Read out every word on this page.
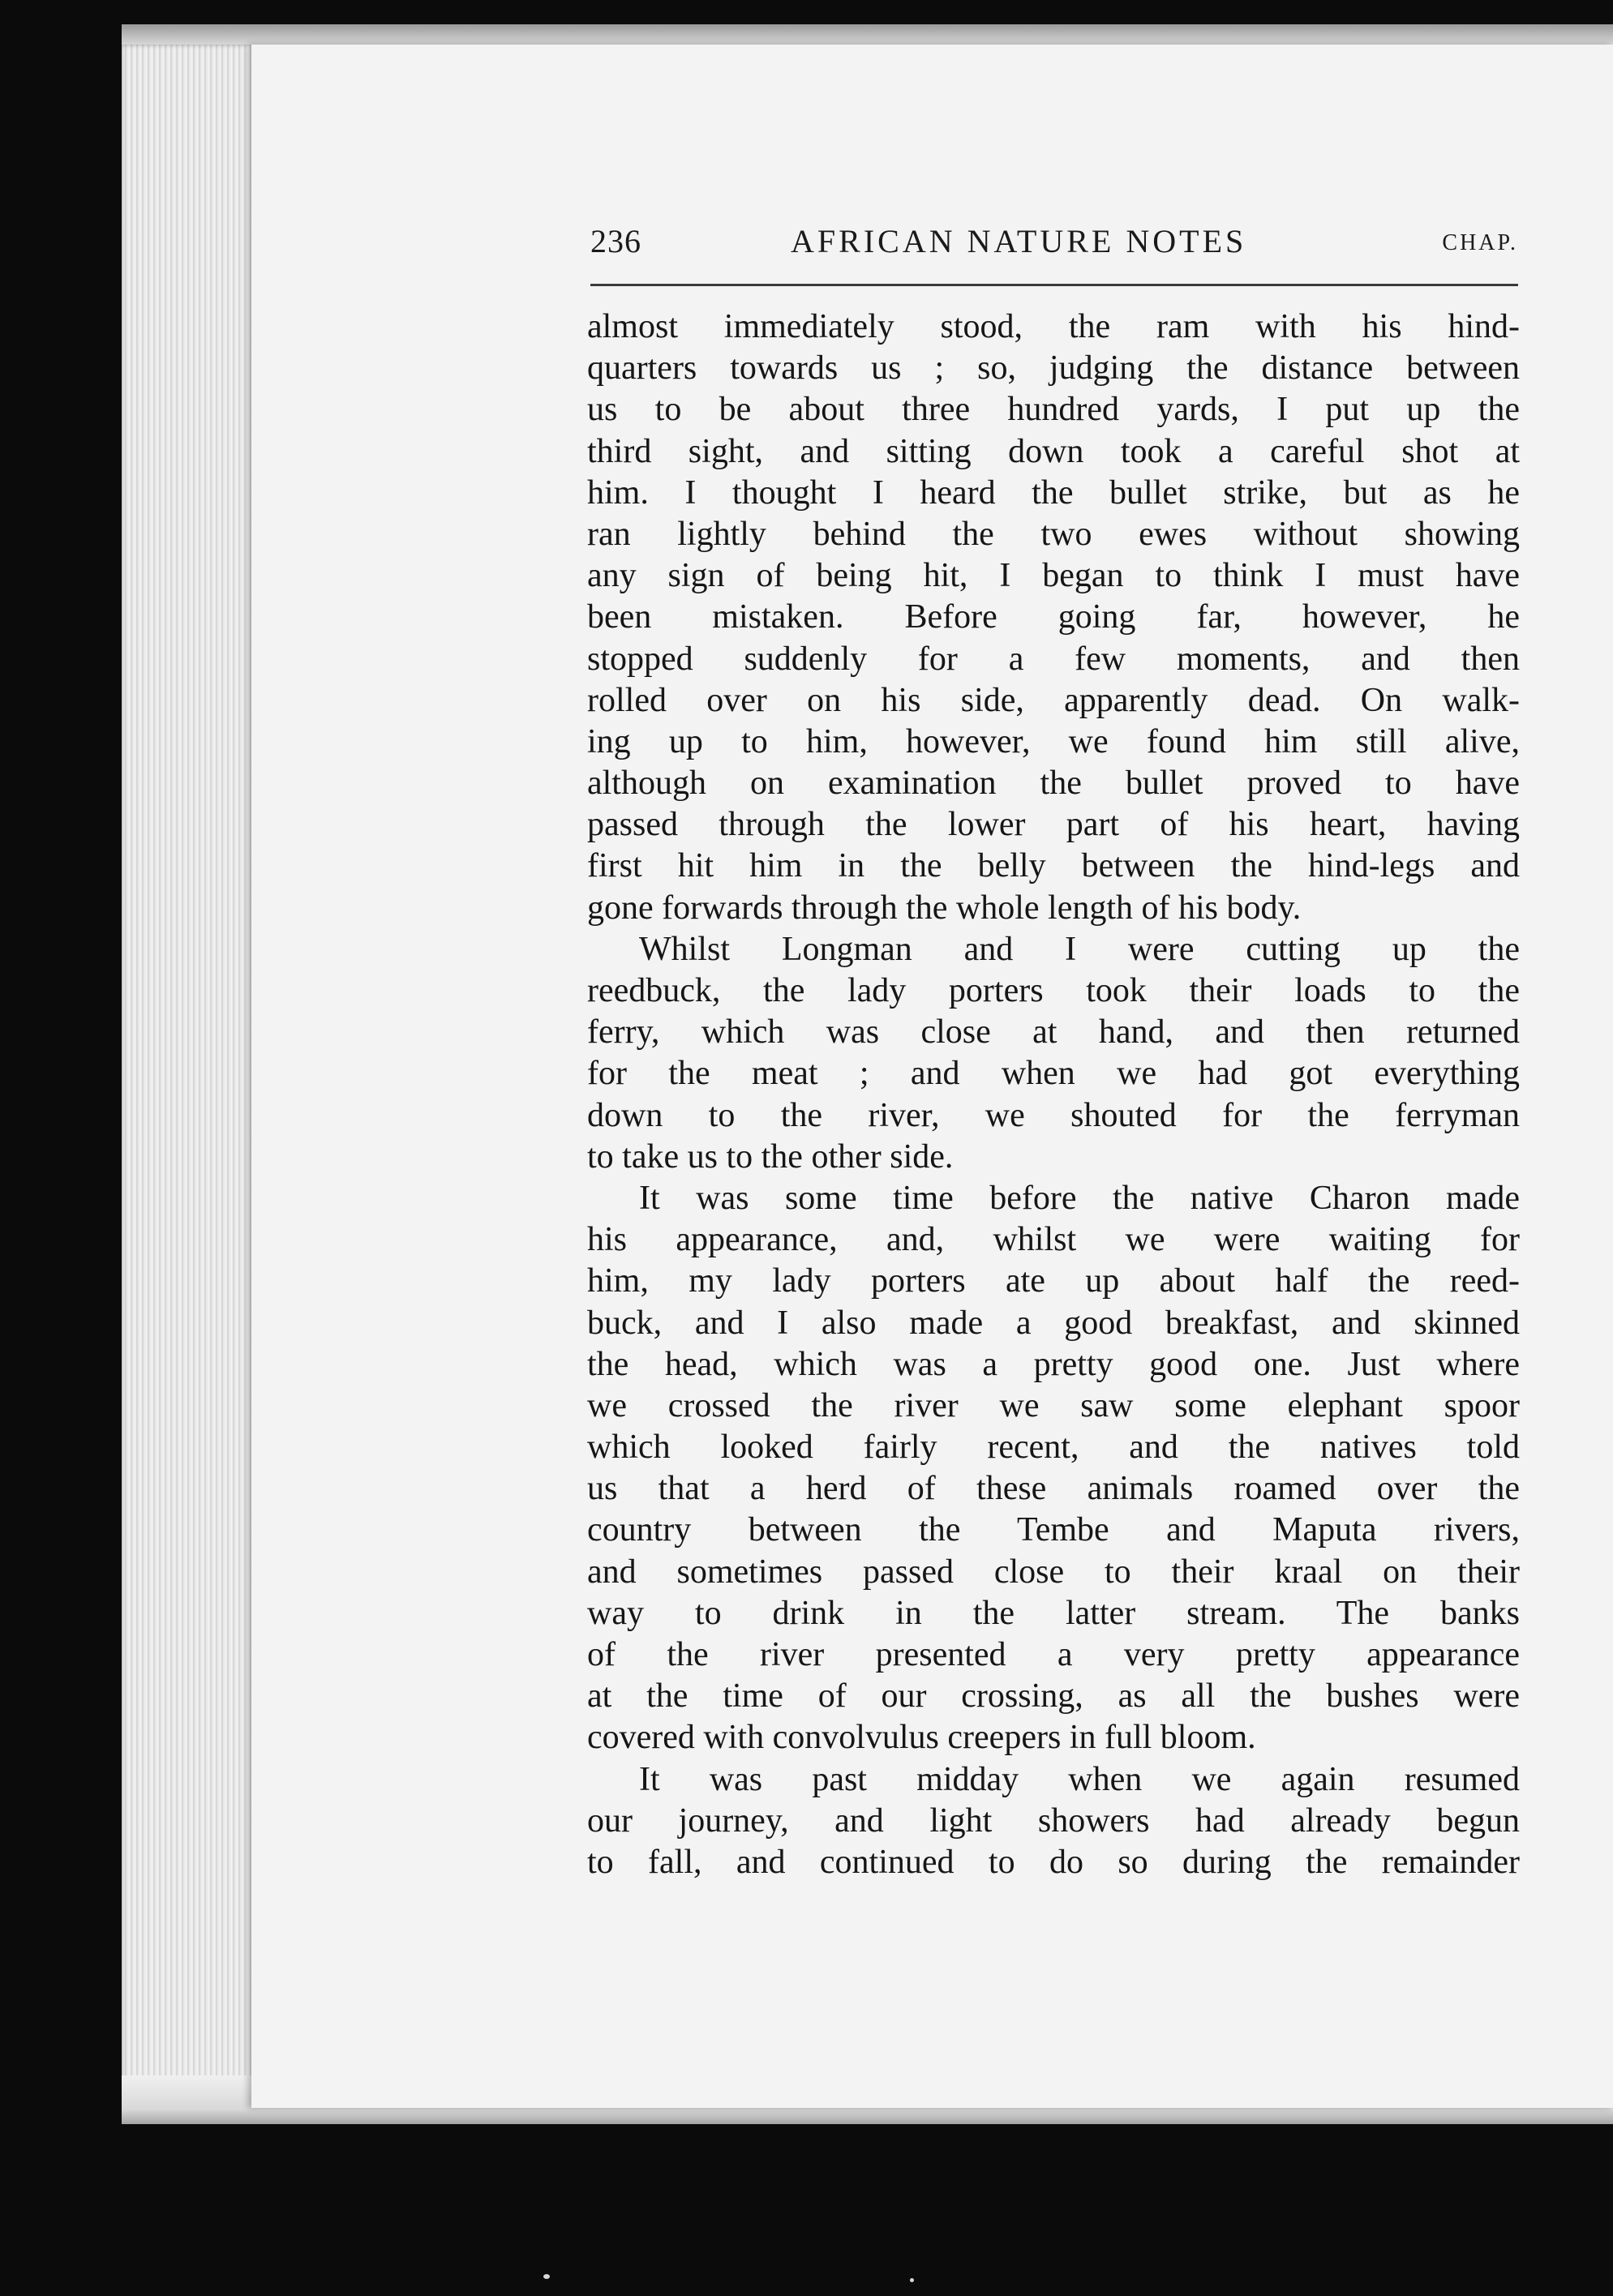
236	AFRICAN NATURE NOTES	CHAP.
almost immediately stood, the ram with his hind-
quarters towards us ; so, judging the distance between
us to be about three hundred yards, I put up the
third sight, and sitting down took a careful shot at
him. I thought I heard the bullet strike, but as he
ran lightly behind the two ewes without showing
any sign of being hit, I began to think I must have
been mistaken. Before going far, however, he
stopped suddenly for a few moments, and then
rolled over on his side, apparently dead. On walk-
ing up to him, however, we found him still alive,
although on examination the bullet proved to have
passed through the lower part of his heart, having
first hit him in the belly between the hind-legs and
gone forwards through the whole length of his body.
Whilst Longman and I were cutting up the
reedbuck, the lady porters took their loads to the
ferry, which was close at hand, and then returned
for the meat ; and when we had got everything
down to the river, we shouted for the ferryman
to take us to the other side.
It was some time before the native Charon made
his appearance, and, whilst we were waiting for
him, my lady porters ate up about half the reed-
buck, and I also made a good breakfast, and skinned
the head, which was a pretty good one. Just where
we crossed the river we saw some elephant spoor
which looked fairly recent, and the natives told
us that a herd of these animals roamed over the
country between the Tembe and Maputa rivers,
and sometimes passed close to their kraal on their
way to drink in the latter stream. The banks
of the river presented a very pretty appearance
at the time of our crossing, as all the bushes were
covered with convolvulus creepers in full bloom.
It was past midday when we again resumed
our journey, and light showers had already begun
to fall, and continued to do so during the remainder
